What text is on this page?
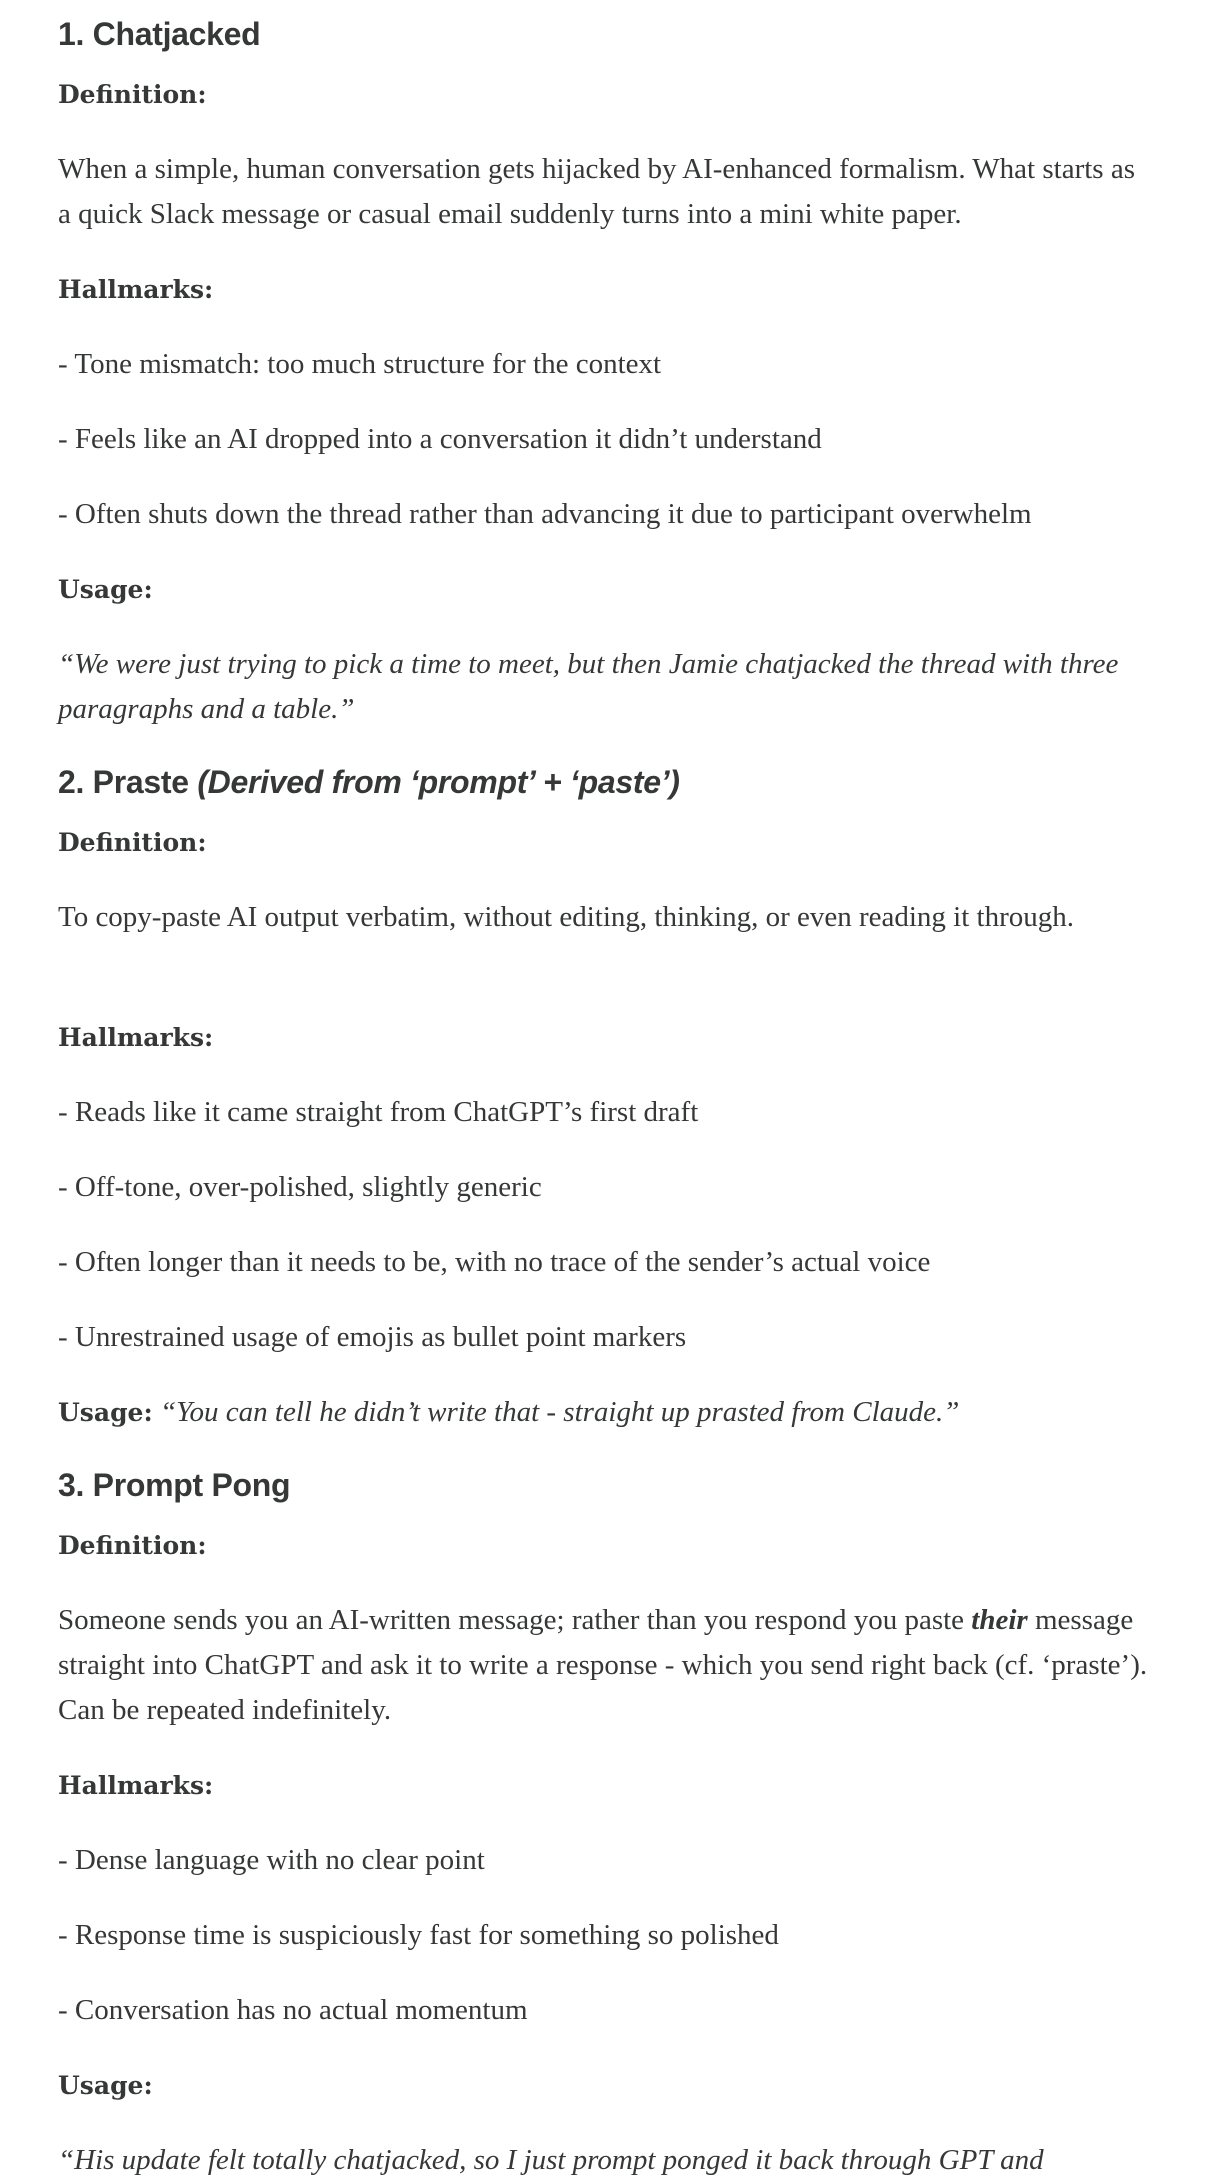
1. Chatjacked
Definition:

When a simple, human conversation gets hijacked by AI-enhanced formalism. What starts as a quick Slack message or casual email suddenly turns into a mini white paper.

Hallmarks:

- Tone mismatch: too much structure for the context

- Feels like an AI dropped into a conversation it didn’t understand

- Often shuts down the thread rather than advancing it due to participant overwhelm

Usage:

“We were just trying to pick a time to meet, but then Jamie chatjacked the thread with three paragraphs and a table.”

2. Praste (Derived from ‘prompt’ + ‘paste’)
Definition:

To copy-paste AI output verbatim, without editing, thinking, or even reading it through.

Hallmarks:

- Reads like it came straight from ChatGPT’s first draft

- Off-tone, over-polished, slightly generic

- Often longer than it needs to be, with no trace of the sender’s actual voice

- Unrestrained usage of emojis as bullet point markers

Usage: “You can tell he didn’t write that - straight up prasted from Claude.”

3. Prompt Pong
Definition:

Someone sends you an AI-written message; rather than you respond you paste their message straight into ChatGPT and ask it to write a response - which you send right back (cf. ‘praste’). Can be repeated indefinitely.

Hallmarks:

- Dense language with no clear point

- Response time is suspiciously fast for something so polished

- Conversation has no actual momentum

Usage:

“His update felt totally chatjacked, so I just prompt ponged it back through GPT and
